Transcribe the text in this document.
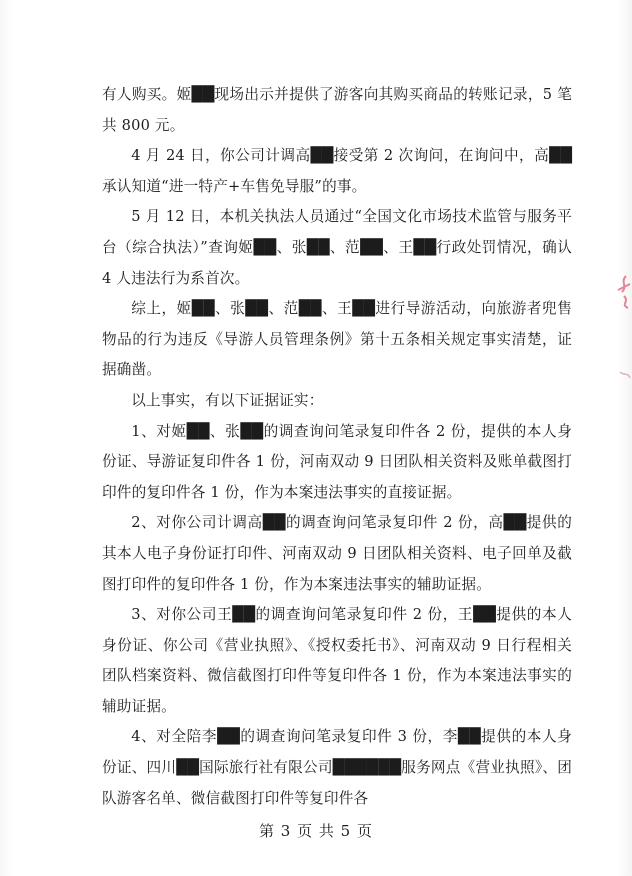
有人购买。姬██现场出示并提供了游客向其购买商品的转账记录，5 笔共 800 元。

4 月 24 日，你公司计调高██接受第 2 次询问，在询问中，高██承认知道“进一特产+车售免导服”的事。

5 月 12 日，本机关执法人员通过“全国文化市场技术监管与服务平台（综合执法）”查询姬██、张██、范██、王██行政处罚情况，确认 4 人违法行为系首次。

综上，姬██、张██、范██、王██进行导游活动，向旅游者兜售物品的行为违反《导游人员管理条例》第十五条相关规定事实清楚，证据确凿。

以上事实，有以下证据证实：

1、对姬██、张██的调查询问笔录复印件各 2 份，提供的本人身份证、导游证复印件各 1 份，河南双动 9 日团队相关资料及账单截图打印件的复印件各 1 份，作为本案违法事实的直接证据。

2、对你公司计调高██的调查询问笔录复印件 2 份，高██提供的其本人电子身份证打印件、河南双动 9 日团队相关资料、电子回单及截图打印件的复印件各 1 份，作为本案违法事实的辅助证据。

3、对你公司王██的调查询问笔录复印件 2 份，王██提供的本人身份证、你公司《营业执照》、《授权委托书》、河南双动 9 日行程相关团队档案资料、微信截图打印件等复印件各 1 份，作为本案违法事实的辅助证据。

4、对全陪李██的调查询问笔录复印件 3 份，李██提供的本人身份证、四川██国际旅行社有限公司██████服务网点《营业执照》、团队游客名单、微信截图打印件等复印件各

第 3 页 共 5 页
